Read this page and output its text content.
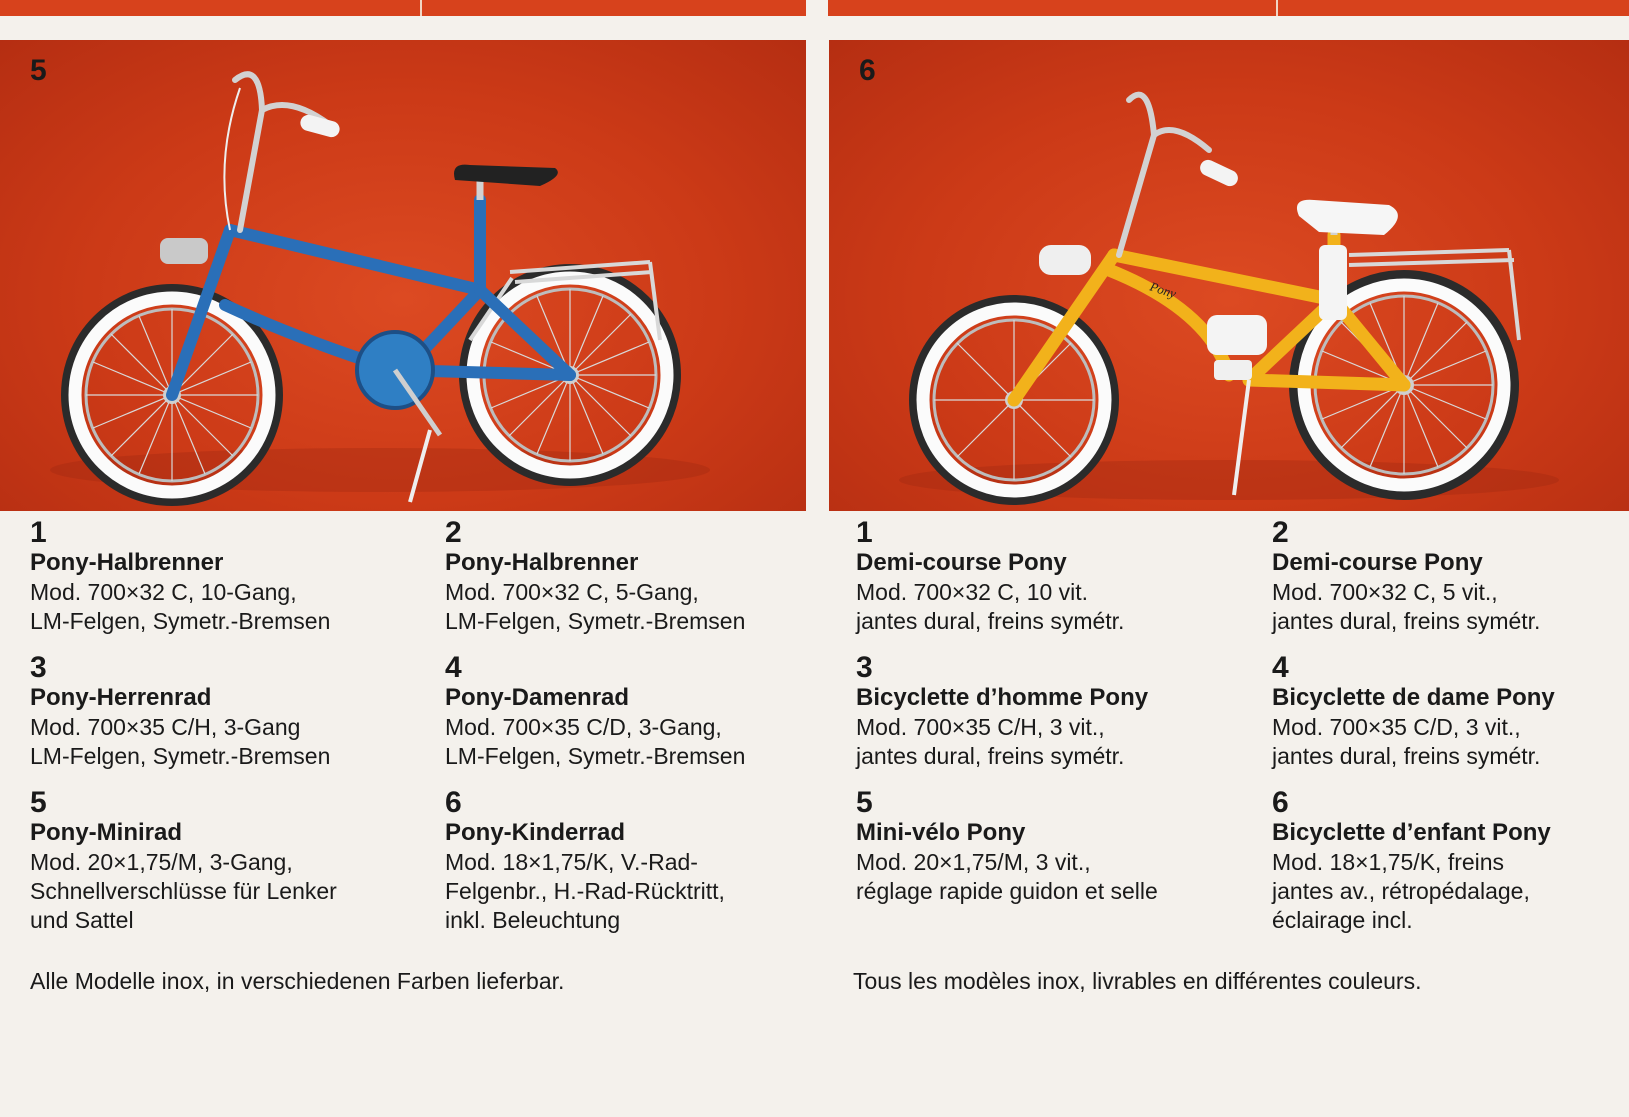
5
Pony
6
1
Pony-Halbrenner
Mod. 700×32 C, 10-Gang,
LM-Felgen, Symetr.-Bremsen
3
Pony-Herrenrad
Mod. 700×35 C/H, 3-Gang
LM-Felgen, Symetr.-Bremsen
5
Pony-Minirad
Mod. 20×1,75/M, 3-Gang,
Schnellverschlüsse für Lenker
und Sattel
2
Pony-Halbrenner
Mod. 700×32 C, 5-Gang,
LM-Felgen, Symetr.-Bremsen
4
Pony-Damenrad
Mod. 700×35 C/D, 3-Gang,
LM-Felgen, Symetr.-Bremsen
6
Pony-Kinderrad
Mod. 18×1,75/K, V.-Rad-
Felgenbr., H.-Rad-Rücktritt,
inkl. Beleuchtung
1
Demi-course Pony
Mod. 700×32 C, 10 vit.
jantes dural, freins symétr.
3
Bicyclette d’homme Pony
Mod. 700×35 C/H, 3 vit.,
jantes dural, freins symétr.
5
Mini-vélo Pony
Mod. 20×1,75/M, 3 vit.,
réglage rapide guidon et selle
2
Demi-course Pony
Mod. 700×32 C, 5 vit.,
jantes dural, freins symétr.
4
Bicyclette de dame Pony
Mod. 700×35 C/D, 3 vit.,
jantes dural, freins symétr.
6
Bicyclette d’enfant Pony
Mod. 18×1,75/K, freins
jantes av., rétropédalage,
éclairage incl.
Alle Modelle inox, in verschiedenen Farben lieferbar.	Tous les modèles inox, livrables en différentes couleurs.
